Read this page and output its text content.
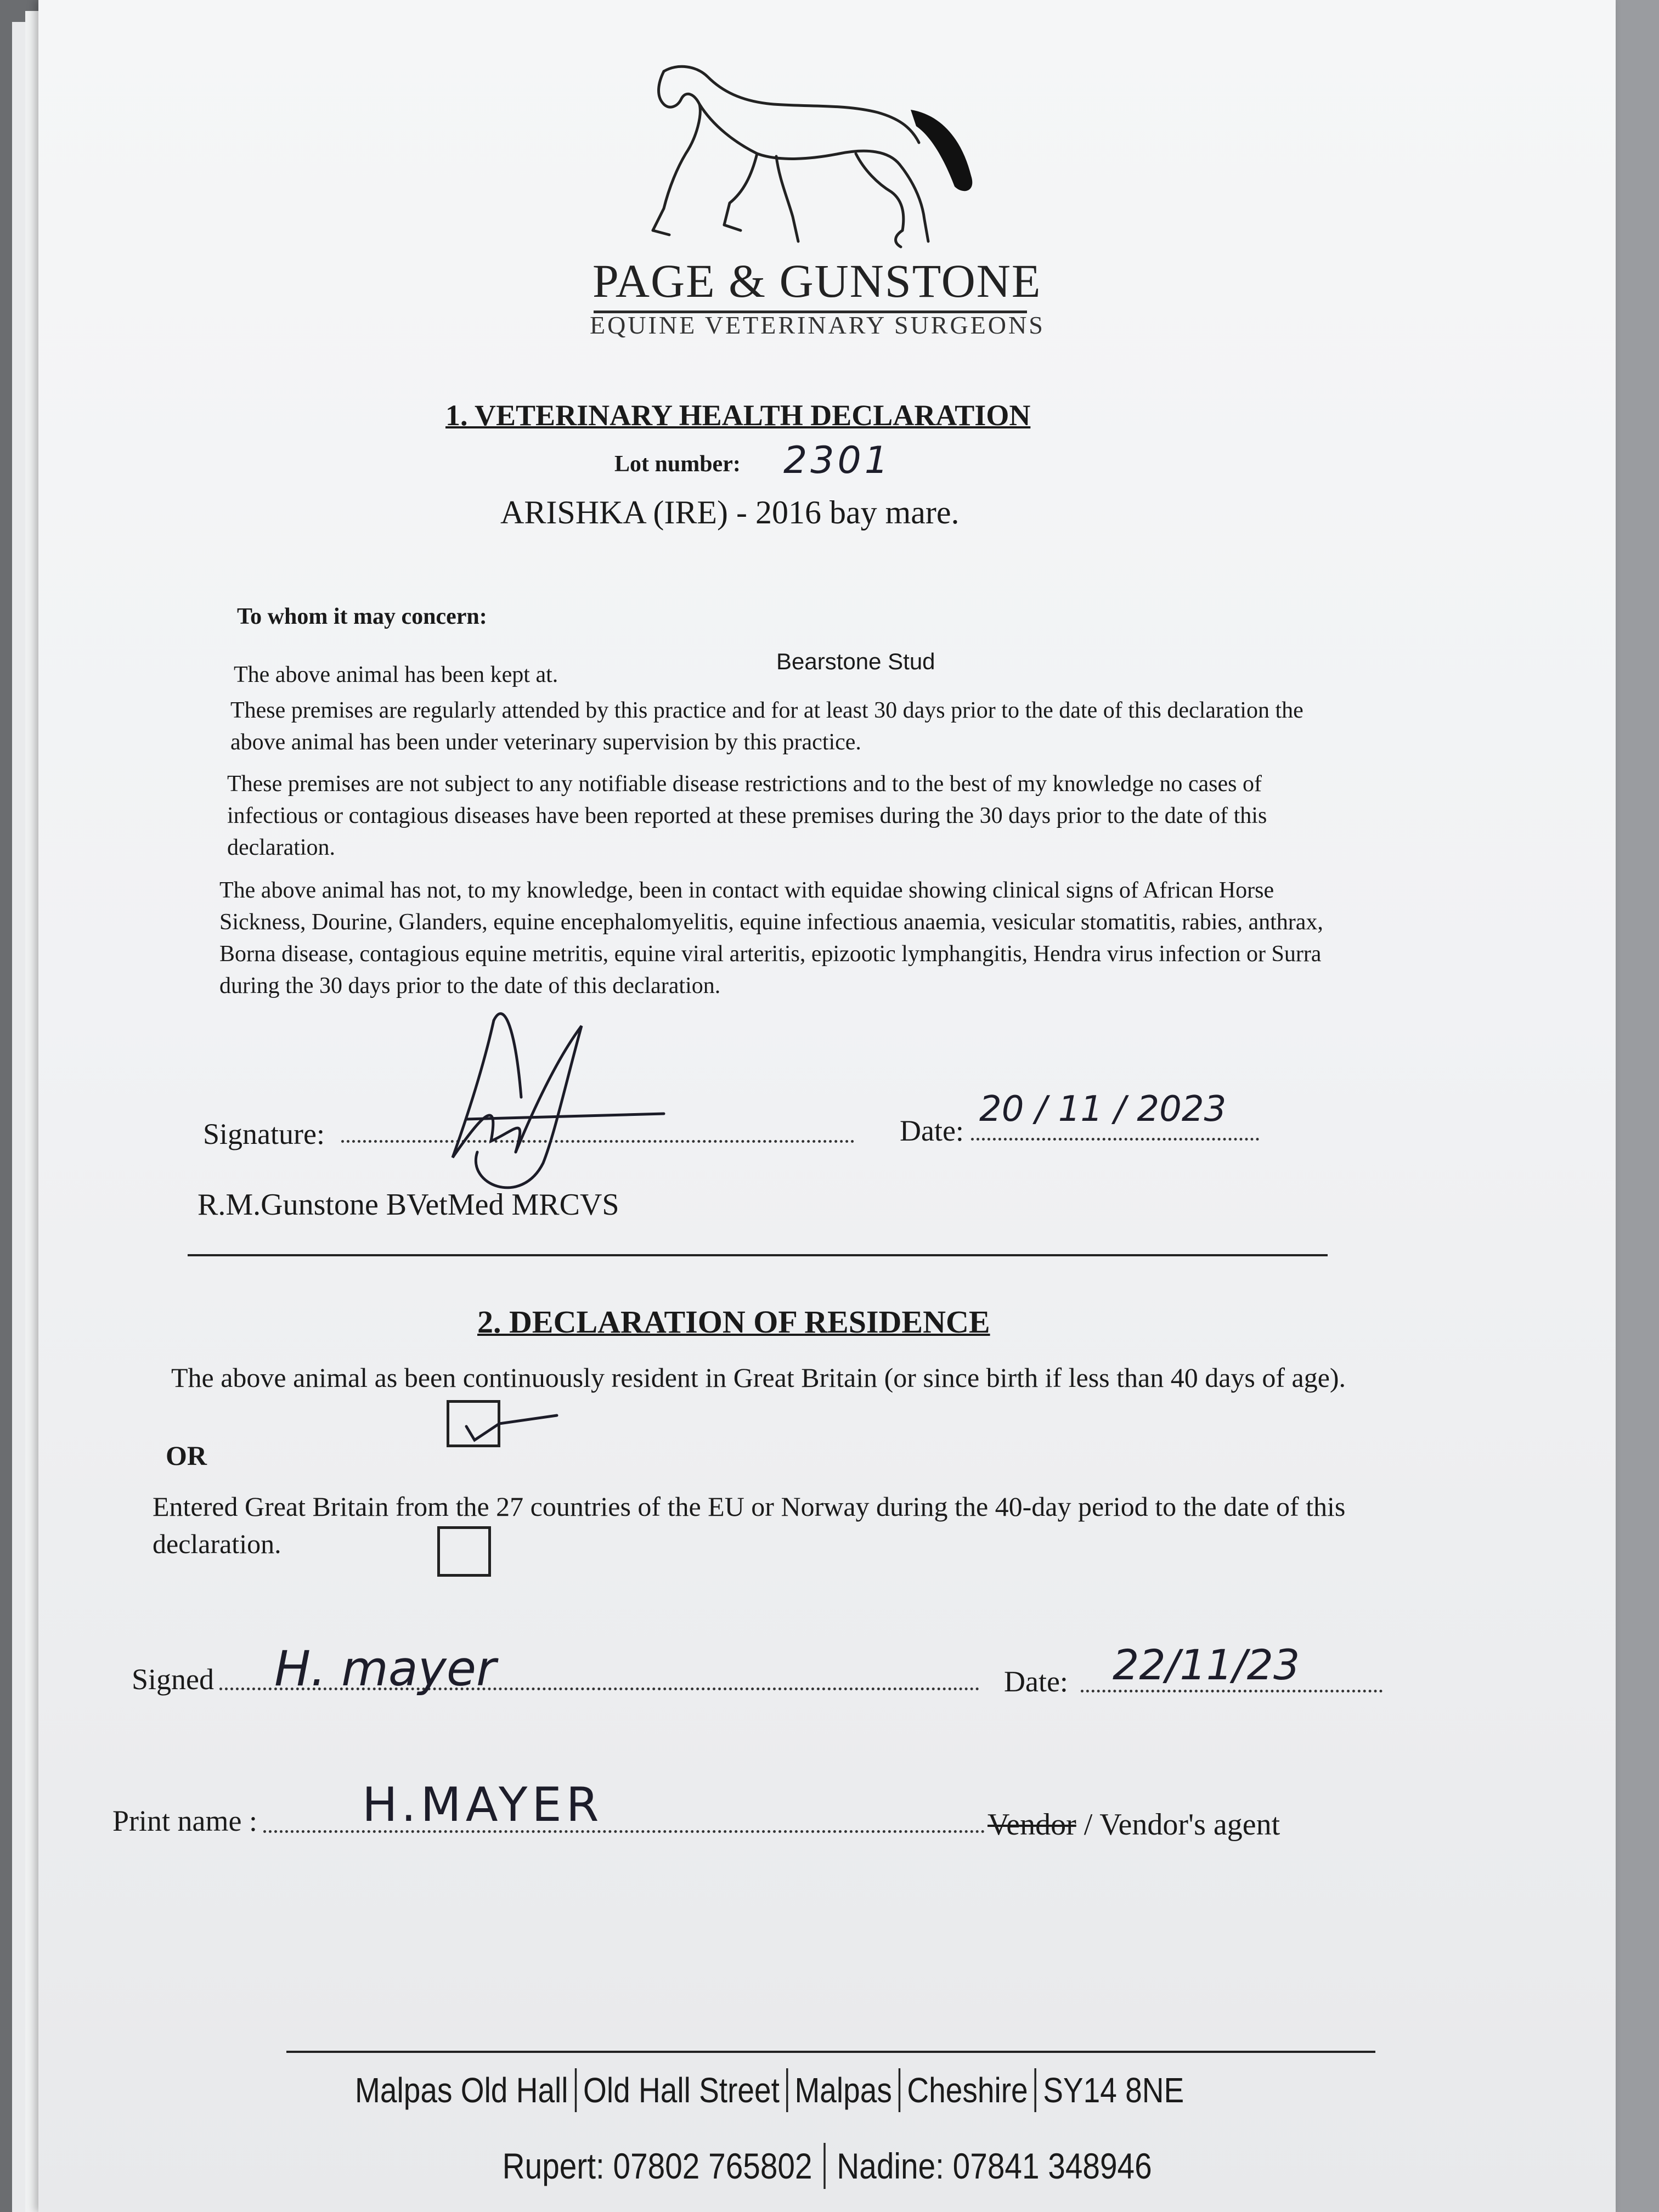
PAGE & GUNSTONE
EQUINE VETERINARY SURGEONS
1. VETERINARY HEALTH DECLARATION
Lot number: 2301
ARISHKA (IRE) - 2016 bay mare.
To whom it may concern:
The above animal has been kept at.
Bearstone Stud
These premises are regularly attended by this practice and for at least 30 days prior to the date of this declaration the above animal has been under veterinary supervision by this practice.
These premises are not subject to any notifiable disease restrictions and to the best of my knowledge no cases of infectious or contagious diseases have been reported at these premises during the 30 days prior to the date of this declaration.
The above animal has not, to my knowledge, been in contact with equidae showing clinical signs of African Horse Sickness, Dourine, Glanders, equine encephalomyelitis, equine infectious anaemia, vesicular stomatitis, rabies, anthrax, Borna disease, contagious equine metritis, equine viral arteritis, epizootic lymphangitis, Hendra virus infection or Surra during the 30 days prior to the date of this declaration.
Signature:	Date:
20 / 11 / 2023
R.M.Gunstone BVetMed MRCVS
2. DECLARATION OF RESIDENCE
The above animal as been continuously resident in Great Britain (or since birth if less than 40 days of age).
OR
Entered Great Britain from the 27 countries of the EU or Norway during the 40-day period to the date of this declaration.
Signed H. mayer	Date: 22/11/23
Print name : H.MAYER	Vendor / Vendor's agent
Malpas Old Hall Old Hall Street Malpas Cheshire SY14 8NE
Rupert: 07802 765802 Nadine: 07841 348946
